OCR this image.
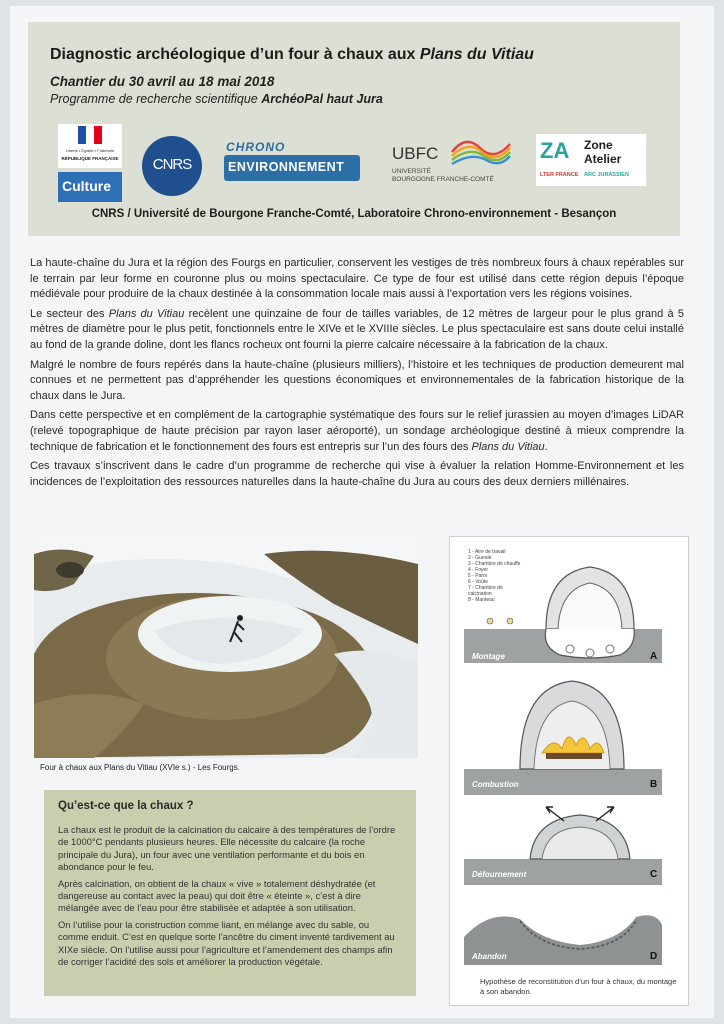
Diagnostic archéologique d’un four à chaux aux Plans du Vitiau
Chantier du 30 avril au 18 mai 2018
Programme de recherche scientifique ArchéoPal haut Jura
Liberté • Égalité • Fraternité
RÉPUBLIQUE FRANÇAISE
Culture
CNRS
CHRONO
ENVIRONNEMENT
UBFC
UNIVERSITÉ
BOURGOGNE FRANCHE-COMTÉ
ZA Zone
Atelier
LTER FRANCE ARC JURASSIEN
CNRS / Université de Bourgone Franche-Comté, Laboratoire Chrono-environnement - Besançon

La haute-chaîne du Jura et la région des Fourgs en particulier, conservent les vestiges de très nombreux fours à chaux repérables sur le terrain par leur forme en couronne plus ou moins spectaculaire. Ce type de four est utilisé dans cette région depuis l’époque médiévale pour produire de la chaux destinée à la consommation locale mais aussi à l’exportation vers les régions voisines.

Le secteur des Plans du Vitiau recèlent une quinzaine de four de tailles variables, de 12 mètres de largeur pour le plus grand à 5 mètres de diamètre pour le plus petit, fonctionnels entre le XIVe et le XVIIIe siècles. Le plus spectaculaire est sans doute celui installé au fond de la grande doline, dont les flancs rocheux ont fourni la pierre calcaire nécessaire à la fabrication de la chaux.

Malgré le nombre de fours repérés dans la haute-chaîne (plusieurs milliers), l’histoire et les techniques de production demeurent mal connues et ne permettent pas d’appréhender les questions économiques et environnementales de la fabrication historique de la chaux dans le Jura.

Dans cette perspective et en complément de la cartographie systématique des fours sur le relief jurassien au moyen d’images LiDAR (relevé topographique de haute précision par rayon laser aéroporté), un sondage archéologique destiné à mieux comprendre la technique de fabrication et le fonctionnement des fours est entrepris sur l’un des fours des Plans du Vitiau.

Ces travaux s’inscrivent dans le cadre d’un programme de recherche qui vise à évaluer la relation Homme-Environnement et les incidences de l’exploitation des ressources naturelles dans la haute-chaîne du Jura au cours des deux derniers millénaires.

Four à chaux aux Plans du Vitiau (XVIe s.) - Les Fourgs.
Qu’est-ce que la chaux ?

La chaux est le produit de la calcination du calcaire à des températures de l’ordre de 1000°C pendants plusieurs heures. Elle nécessite du calcaire (la roche principale du Jura), un four avec une ventilation performante et du bois en abondance pour le feu.

Après calcination, on obtient de la chaux « vive » totalement déshydratée (et dangereuse au contact avec la peau) qui doit être « éteinte », c’est à dire mélangée avec de l’eau pour être stabilisée et adaptée à son utilisation.

On l’utilise pour la construction comme liant, en mélange avec du sable, ou comme enduit. C’est en quelque sorte l’ancêtre du ciment inventé tardivement au XIXe siècle. On l’utilise aussi pour l’agriculture et l’amendement des champs afin de corriger l’acidité des sols et améliorer la production végétale.

1 - Aire de travail
2 - Gueule
3 - Chambre de chauffe
4 - Foyer
5 - Paroi
6 - Voûte
7 - Chambre de
calcination
8 - Manteau
Montage	A
Combustion	B
Défournement	C
Abandon	D
Hypothèse de reconstitution d’un four à chaux, du montage à son abandon.
